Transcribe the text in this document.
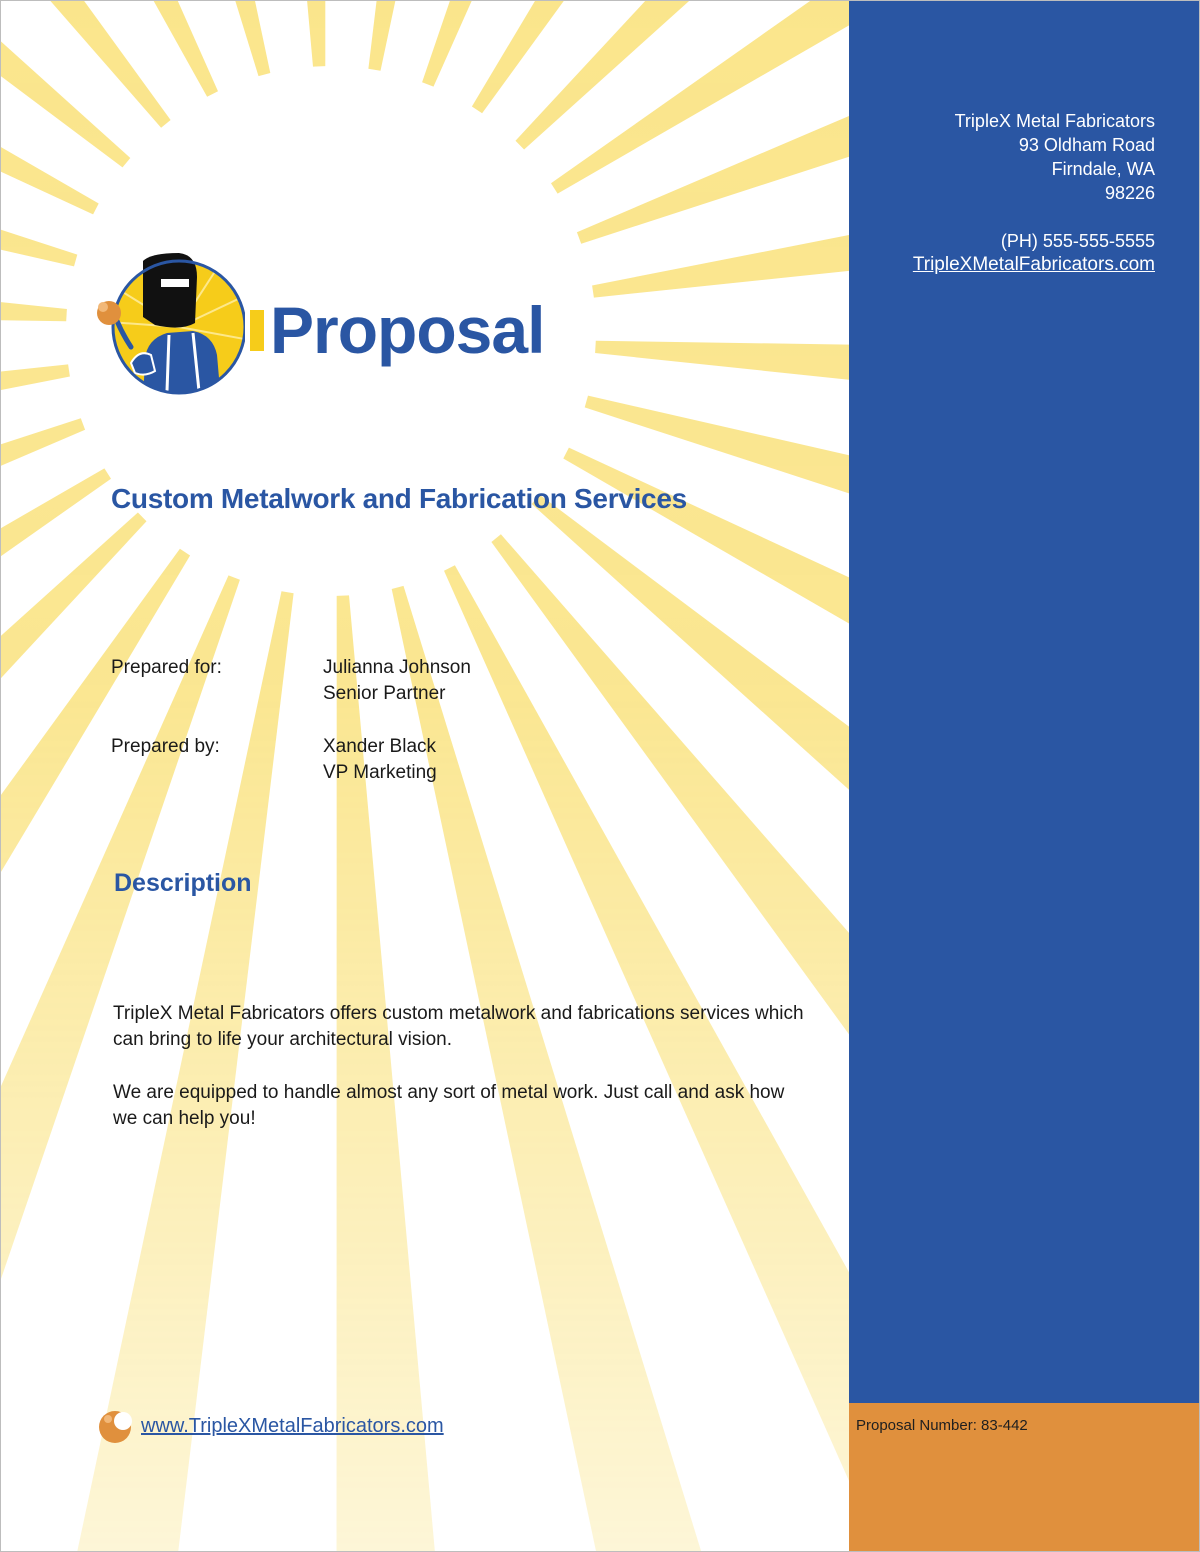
TripleX Metal Fabricators
93 Oldham Road
Firndale, WA
98226
(PH) 555-555-5555
TripleXMetalFabricators.com
Proposal Number: 83-442
Proposal
Custom Metalwork and Fabrication Services
Prepared for:	Julianna Johnson
Senior Partner
Prepared by:	Xander Black
VP Marketing
Description
TripleX Metal Fabricators offers custom metalwork and fabrications services which can bring to life your architectural vision.
We are equipped to handle almost any sort of metal work. Just call and ask how we can help you!
www.TripleXMetalFabricators.com
